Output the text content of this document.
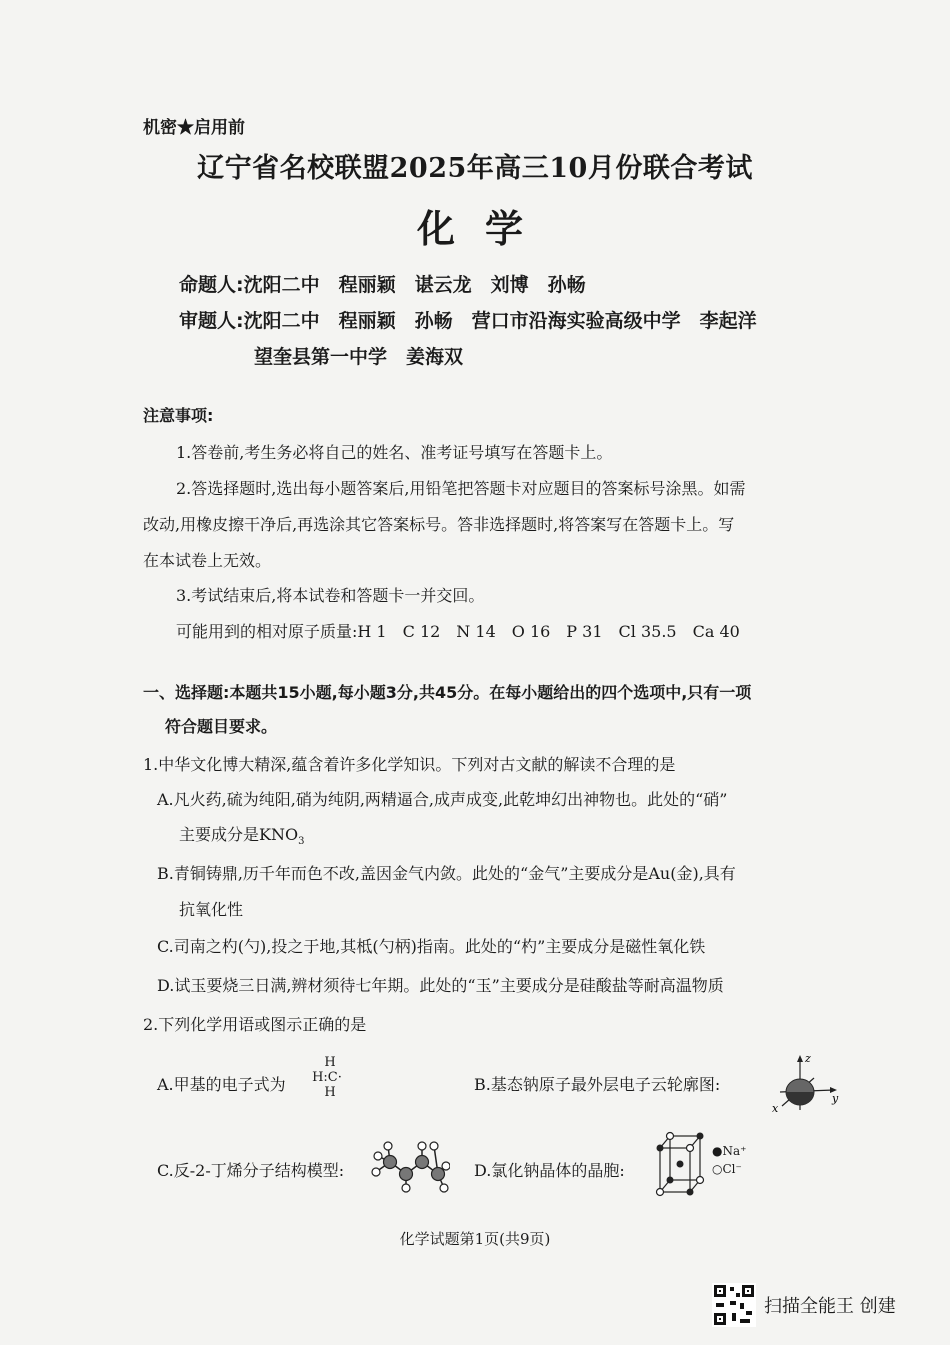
机密★启用前
辽宁省名校联盟2025年高三10月份联合考试
化学
命题人:沈阳二中　程丽颖　谌云龙　刘博　孙畅
审题人:沈阳二中　程丽颖　孙畅　营口市沿海实验高级中学　李起洋
望奎县第一中学　姜海双
注意事项:
1.答卷前,考生务必将自己的姓名、准考证号填写在答题卡上。
2.答选择题时,选出每小题答案后,用铅笔把答题卡对应题目的答案标号涂黑。如需
改动,用橡皮擦干净后,再选涂其它答案标号。答非选择题时,将答案写在答题卡上。写
在本试卷上无效。
3.考试结束后,将本试卷和答题卡一并交回。
可能用到的相对原子质量:H 1　C 12　N 14　O 16　P 31　Cl 35.5　Ca 40
一、选择题:本题共15小题,每小题3分,共45分。在每小题给出的四个选项中,只有一项
符合题目要求。
1.中华文化博大精深,蕴含着许多化学知识。下列对古文献的解读不合理的是
A.凡火药,硫为纯阳,硝为纯阴,两精逼合,成声成变,此乾坤幻出神物也。此处的“硝”
主要成分是$KNO_3$
B.青铜铸鼎,历千年而色不改,盖因金气内敛。此处的“金气”主要成分是Au(金),具有
抗氧化性
C.司南之杓(勺),投之于地,其柢(勺柄)指南。此处的“杓”主要成分是磁性氧化铁
D.试玉要烧三日满,辨材须待七年期。此处的“玉”主要成分是硅酸盐等耐高温物质
2.下列化学用语或图示正确的是
A.甲基的电子式为
H
H:C·
H	B.基态钠原子最外层电子云轮廓图:
z
x
y
C.反-2-丁烯分子结构模型:	D.氯化钠晶体的晶胞:
●Na⁺
○Cl⁻
化学试题第1页(共9页)
扫描全能王 创建
